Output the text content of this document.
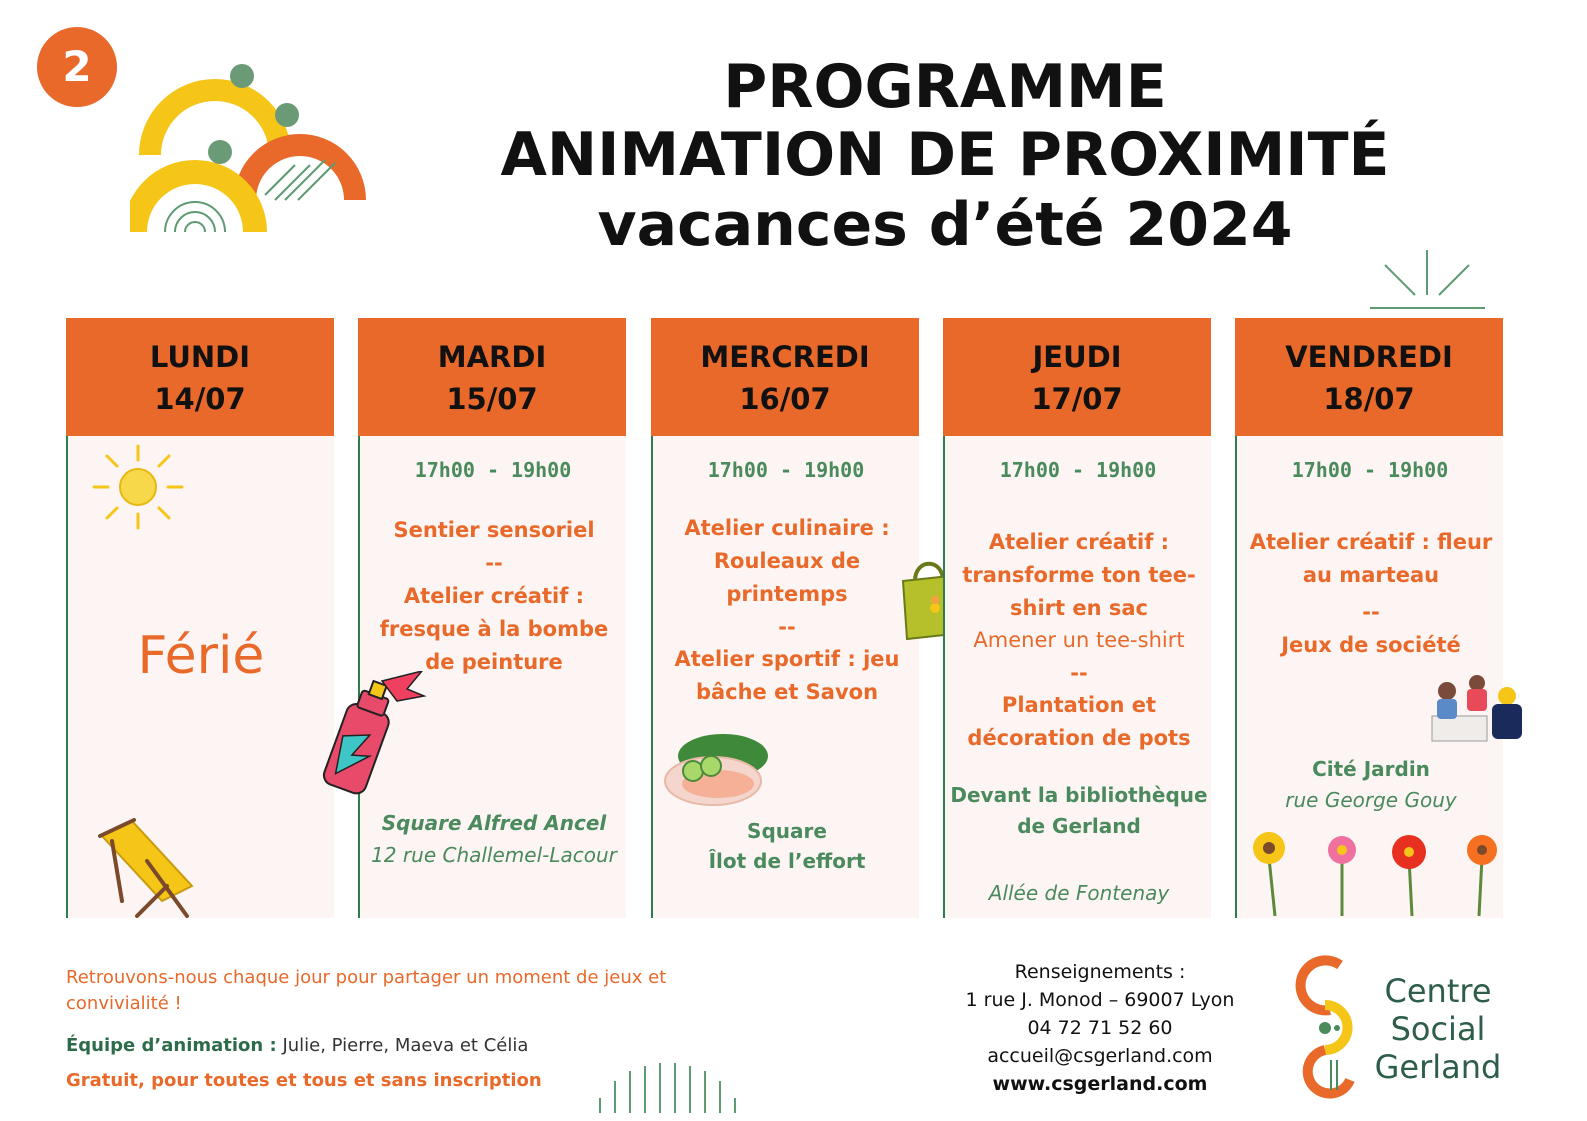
2	PROGRAMME
ANIMATION DE PROXIMITÉ
vacances d’été 2024
LUNDI
14/07
Férié
MARDI
15/07
17h00 - 19h00
Sentier sensoriel
--
Atelier créatif : fresque à la bombe de peinture
Square Alfred Ancel
12 rue Challemel-Lacour
MERCREDI
16/07
17h00 - 19h00
Atelier culinaire : Rouleaux de printemps
--
Atelier sportif : jeu bâche et Savon
Square
Îlot de l’effort
JEUDI
17/07
17h00 - 19h00
Atelier créatif : transforme ton tee-shirt en sac
Amener un tee-shirt
--
Plantation et décoration de pots
Devant la bibliothèque de Gerland
Allée de Fontenay
VENDREDI
18/07
17h00 - 19h00
Atelier créatif : fleur au marteau
--
Jeux de société
Cité Jardin
rue George Gouy
Retrouvons-nous chaque jour pour partager un moment de jeux et convivialité !
Équipe d’animation : Julie, Pierre, Maeva et Célia
Gratuit, pour toutes et tous et sans inscription
Renseignements :
1 rue J. Monod – 69007 Lyon
04 72 71 52 60
accueil@csgerland.com
www.csgerland.com
Centre
Social
Gerland
